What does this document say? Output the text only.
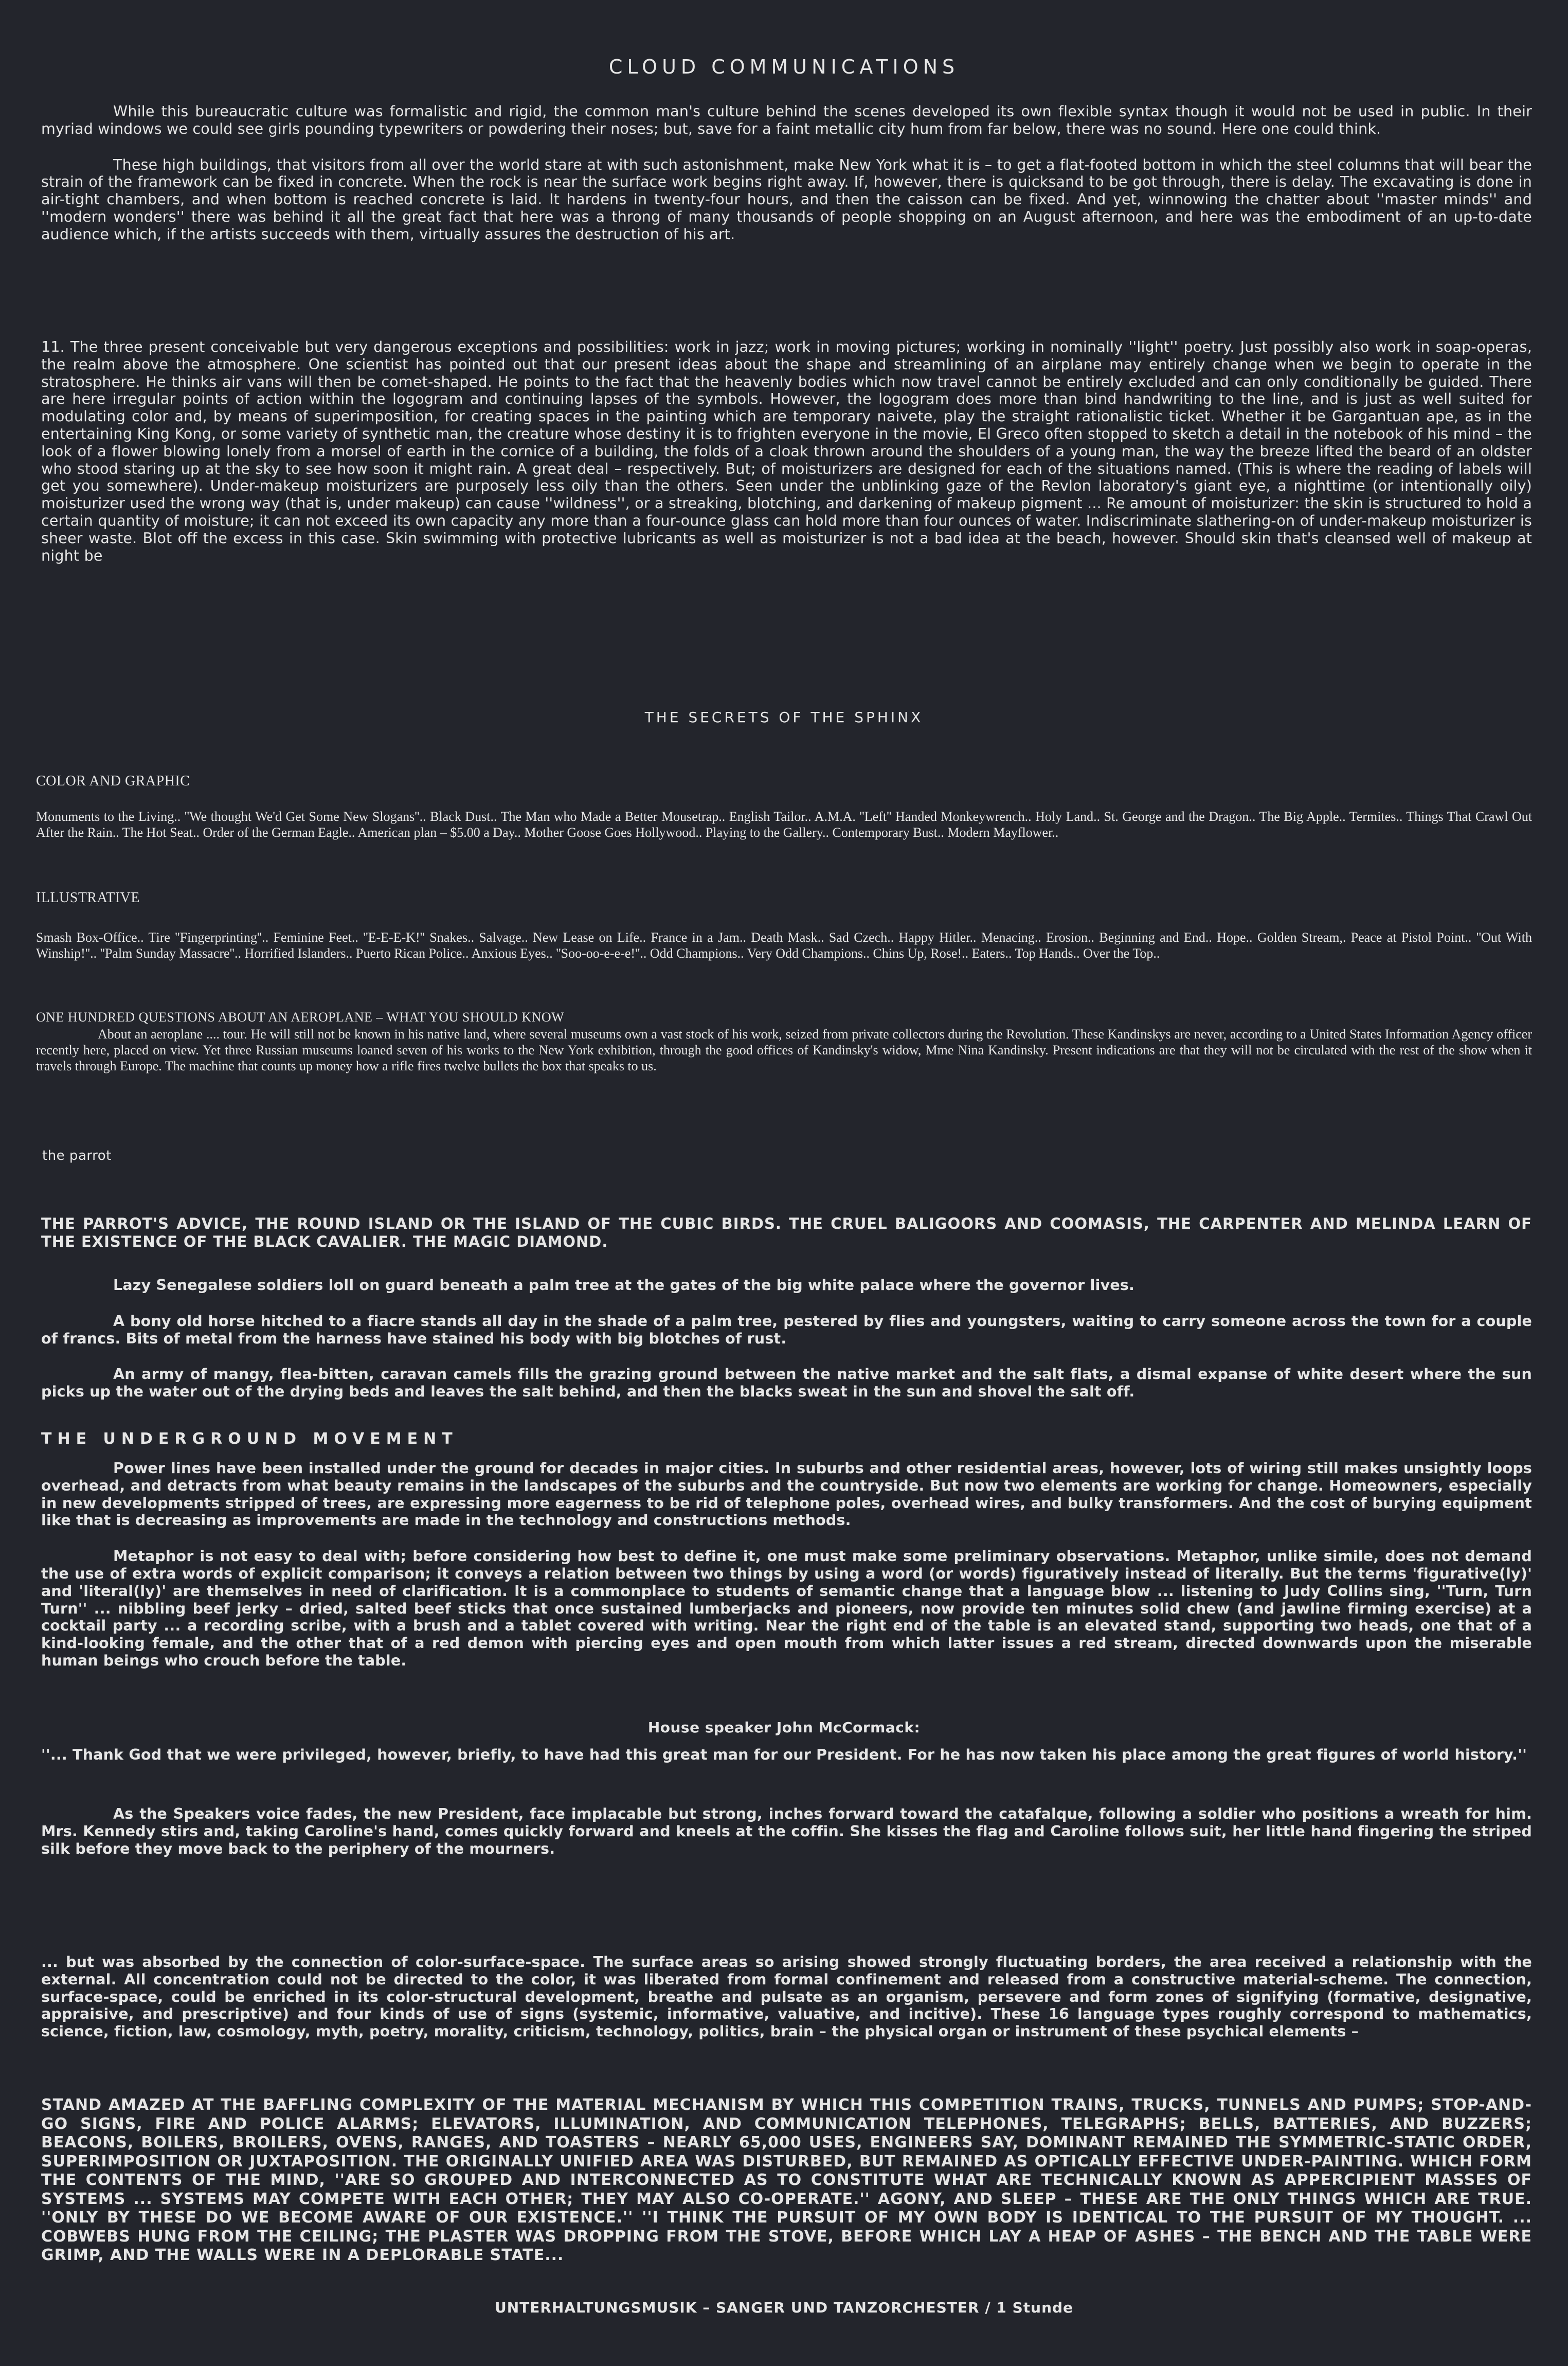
CLOUD COMMUNICATIONS

While this bureaucratic culture was formalistic and rigid, the common man's culture behind the scenes developed its own flexible syntax though it would not be used in public. In their myriad windows we could see girls pounding typewriters or powdering their noses; but, save for a faint metallic city hum from far below, there was no sound. Here one could think.

These high buildings, that visitors from all over the world stare at with such astonishment, make New York what it is – to get a flat-footed bottom in which the steel columns that will bear the strain of the framework can be fixed in concrete. When the rock is near the surface work begins right away. If, however, there is quicksand to be got through, there is delay. The excavating is done in air-tight chambers, and when bottom is reached concrete is laid. It hardens in twenty-four hours, and then the caisson can be fixed. And yet, winnowing the chatter about ''master minds'' and ''modern wonders'' there was behind it all the great fact that here was a throng of many thousands of people shopping on an August afternoon, and here was the embodiment of an up-to-date audience which, if the artists succeeds with them, virtually assures the destruction of his art.

11. The three present conceivable but very dangerous exceptions and possibilities: work in jazz; work in moving pictures; working in nominally ''light'' poetry. Just possibly also work in soap-operas, the realm above the atmosphere. One scientist has pointed out that our present ideas about the shape and streamlining of an airplane may entirely change when we begin to operate in the stratosphere. He thinks air vans will then be comet-shaped. He points to the fact that the heavenly bodies which now travel cannot be entirely excluded and can only conditionally be guided. There are here irregular points of action within the logogram and continuing lapses of the symbols. However, the logogram does more than bind handwriting to the line, and is just as well suited for modulating color and, by means of superimposition, for creating spaces in the painting which are temporary naivete, play the straight rationalistic ticket. Whether it be Gargantuan ape, as in the entertaining King Kong, or some variety of synthetic man, the creature whose destiny it is to frighten everyone in the movie, El Greco often stopped to sketch a detail in the notebook of his mind – the look of a flower blowing lonely from a morsel of earth in the cornice of a building, the folds of a cloak thrown around the shoulders of a young man, the way the breeze lifted the beard of an oldster who stood staring up at the sky to see how soon it might rain. A great deal – respectively. But; of moisturizers are designed for each of the situations named. (This is where the reading of labels will get you somewhere). Under-makeup moisturizers are purposely less oily than the others. Seen under the unblinking gaze of the Revlon laboratory's giant eye, a nighttime (or intentionally oily) moisturizer used the wrong way (that is, under makeup) can cause ''wildness'', or a streaking, blotching, and darkening of makeup pigment ... Re amount of moisturizer: the skin is structured to hold a certain quantity of moisture; it can not exceed its own capacity any more than a four-ounce glass can hold more than four ounces of water. Indiscriminate slathering-on of under-makeup moisturizer is sheer waste. Blot off the excess in this case. Skin swimming with protective lubricants as well as moisturizer is not a bad idea at the beach, however. Should skin that's cleansed well of makeup at night be
THE SECRETS OF THE SPHINX
COLOR AND GRAPHIC
Monuments to the Living.. ''We thought We'd Get Some New Slogans''.. Black Dust.. The Man who Made a Better Mousetrap.. English Tailor.. A.M.A. ''Left'' Handed Monkeywrench.. Holy Land.. St. George and the Dragon.. The Big Apple.. Termites.. Things That Crawl Out After the Rain.. The Hot Seat.. Order of the German Eagle.. American plan – $5.00 a Day.. Mother Goose Goes Hollywood.. Playing to the Gallery.. Contemporary Bust.. Modern Mayflower..
ILLUSTRATIVE
Smash Box-Office.. Tire ''Fingerprinting''.. Feminine Feet.. ''E-E-E-K!'' Snakes.. Salvage.. New Lease on Life.. France in a Jam.. Death Mask.. Sad Czech.. Happy Hitler.. Menacing.. Erosion.. Beginning and End.. Hope.. Golden Stream,. Peace at Pistol Point.. ''Out With Winship!''.. ''Palm Sunday Massacre''.. Horrified Islanders.. Puerto Rican Police.. Anxious Eyes.. ''Soo-oo-e-e-e!''.. Odd Champions.. Very Odd Champions.. Chins Up, Rose!.. Eaters.. Top Hands.. Over the Top..
ONE HUNDRED QUESTIONS ABOUT AN AEROPLANE – WHAT YOU SHOULD KNOW

About an aeroplane .... tour. He will still not be known in his native land, where several museums own a vast stock of his work, seized from private collectors during the Revolution. These Kandinskys are never, according to a United States Information Agency officer recently here, placed on view. Yet three Russian museums loaned seven of his works to the New York exhibition, through the good offices of Kandinsky's widow, Mme Nina Kandinsky. Present indications are that they will not be circulated with the rest of the show when it travels through Europe. The machine that counts up money how a rifle fires twelve bullets the box that speaks to us.

the parrot
THE PARROT'S ADVICE, THE ROUND ISLAND OR THE ISLAND OF THE CUBIC BIRDS. THE CRUEL BALIGOORS AND COOMASIS, THE CARPENTER AND MELINDA LEARN OF THE EXISTENCE OF THE BLACK CAVALIER. THE MAGIC DIAMOND.

Lazy Senegalese soldiers loll on guard beneath a palm tree at the gates of the big white palace where the governor lives.

A bony old horse hitched to a fiacre stands all day in the shade of a palm tree, pestered by flies and youngsters, waiting to carry someone across the town for a couple of francs. Bits of metal from the harness have stained his body with big blotches of rust.

An army of mangy, flea-bitten, caravan camels fills the grazing ground between the native market and the salt flats, a dismal expanse of white desert where the sun picks up the water out of the drying beds and leaves the salt behind, and then the blacks sweat in the sun and shovel the salt off.

THE UNDERGROUND MOVEMENT

Power lines have been installed under the ground for decades in major cities. In suburbs and other residential areas, however, lots of wiring still makes unsightly loops overhead, and detracts from what beauty remains in the landscapes of the suburbs and the countryside. But now two elements are working for change. Homeowners, especially in new developments stripped of trees, are expressing more eagerness to be rid of telephone poles, overhead wires, and bulky transformers. And the cost of burying equipment like that is decreasing as improvements are made in the technology and constructions methods.

Metaphor is not easy to deal with; before considering how best to define it, one must make some preliminary observations. Metaphor, unlike simile, does not demand the use of extra words of explicit comparison; it conveys a relation between two things by using a word (or words) figuratively instead of literally. But the terms 'figurative(ly)' and 'literal(ly)' are themselves in need of clarification. It is a commonplace to students of semantic change that a language blow ... listening to Judy Collins sing, ''Turn, Turn Turn'' ... nibbling beef jerky – dried, salted beef sticks that once sustained lumberjacks and pioneers, now provide ten minutes solid chew (and jawline firming exercise) at a cocktail party ... a recording scribe, with a brush and a tablet covered with writing. Near the right end of the table is an elevated stand, supporting two heads, one that of a kind-looking female, and the other that of a red demon with piercing eyes and open mouth from which latter issues a red stream, directed downwards upon the miserable human beings who crouch before the table.

House speaker John McCormack:
''... Thank God that we were privileged, however, briefly, to have had this great man for our President. For he has now taken his place among the great figures of world history.''

As the Speakers voice fades, the new President, face implacable but strong, inches forward toward the catafalque, following a soldier who positions a wreath for him. Mrs. Kennedy stirs and, taking Caroline's hand, comes quickly forward and kneels at the coffin. She kisses the flag and Caroline follows suit, her little hand fingering the striped silk before they move back to the periphery of the mourners.

... but was absorbed by the connection of color-surface-space. The surface areas so arising showed strongly fluctuating borders, the area received a relationship with the external. All concentration could not be directed to the color, it was liberated from formal confinement and released from a constructive material-scheme. The connection, surface-space, could be enriched in its color-structural development, breathe and pulsate as an organism, persevere and form zones of signifying (formative, designative, appraisive, and prescriptive) and four kinds of use of signs (systemic, informative, valuative, and incitive). These 16 language types roughly correspond to mathematics, science, fiction, law, cosmology, myth, poetry, morality, criticism, technology, politics, brain – the physical organ or instrument of these psychical elements –
STAND AMAZED AT THE BAFFLING COMPLEXITY OF THE MATERIAL MECHANISM BY WHICH THIS COMPETITION TRAINS, TRUCKS, TUNNELS AND PUMPS; STOP-AND-GO SIGNS, FIRE AND POLICE ALARMS; ELEVATORS, ILLUMINATION, AND COMMUNICATION TELEPHONES, TELEGRAPHS; BELLS, BATTERIES, AND BUZZERS; BEACONS, BOILERS, BROILERS, OVENS, RANGES, AND TOASTERS – NEARLY 65,000 USES, ENGINEERS SAY, DOMINANT REMAINED THE SYMMETRIC-STATIC ORDER, SUPERIMPOSITION OR JUXTAPOSITION. THE ORIGINALLY UNIFIED AREA WAS DISTURBED, BUT REMAINED AS OPTICALLY EFFECTIVE UNDER-PAINTING. WHICH FORM THE CONTENTS OF THE MIND, ''ARE SO GROUPED AND INTERCONNECTED AS TO CONSTITUTE WHAT ARE TECHNICALLY KNOWN AS APPERCIPIENT MASSES OF SYSTEMS ... SYSTEMS MAY COMPETE WITH EACH OTHER; THEY MAY ALSO CO-OPERATE.'' AGONY, AND SLEEP – THESE ARE THE ONLY THINGS WHICH ARE TRUE. ''ONLY BY THESE DO WE BECOME AWARE OF OUR EXISTENCE.'' ''I THINK THE PURSUIT OF MY OWN BODY IS IDENTICAL TO THE PURSUIT OF MY THOUGHT. ... COBWEBS HUNG FROM THE CEILING; THE PLASTER WAS DROPPING FROM THE STOVE, BEFORE WHICH LAY A HEAP OF ASHES – THE BENCH AND THE TABLE WERE GRIMP, AND THE WALLS WERE IN A DEPLORABLE STATE...
UNTERHALTUNGSMUSIK – SANGER UND TANZORCHESTER / 1 Stunde
